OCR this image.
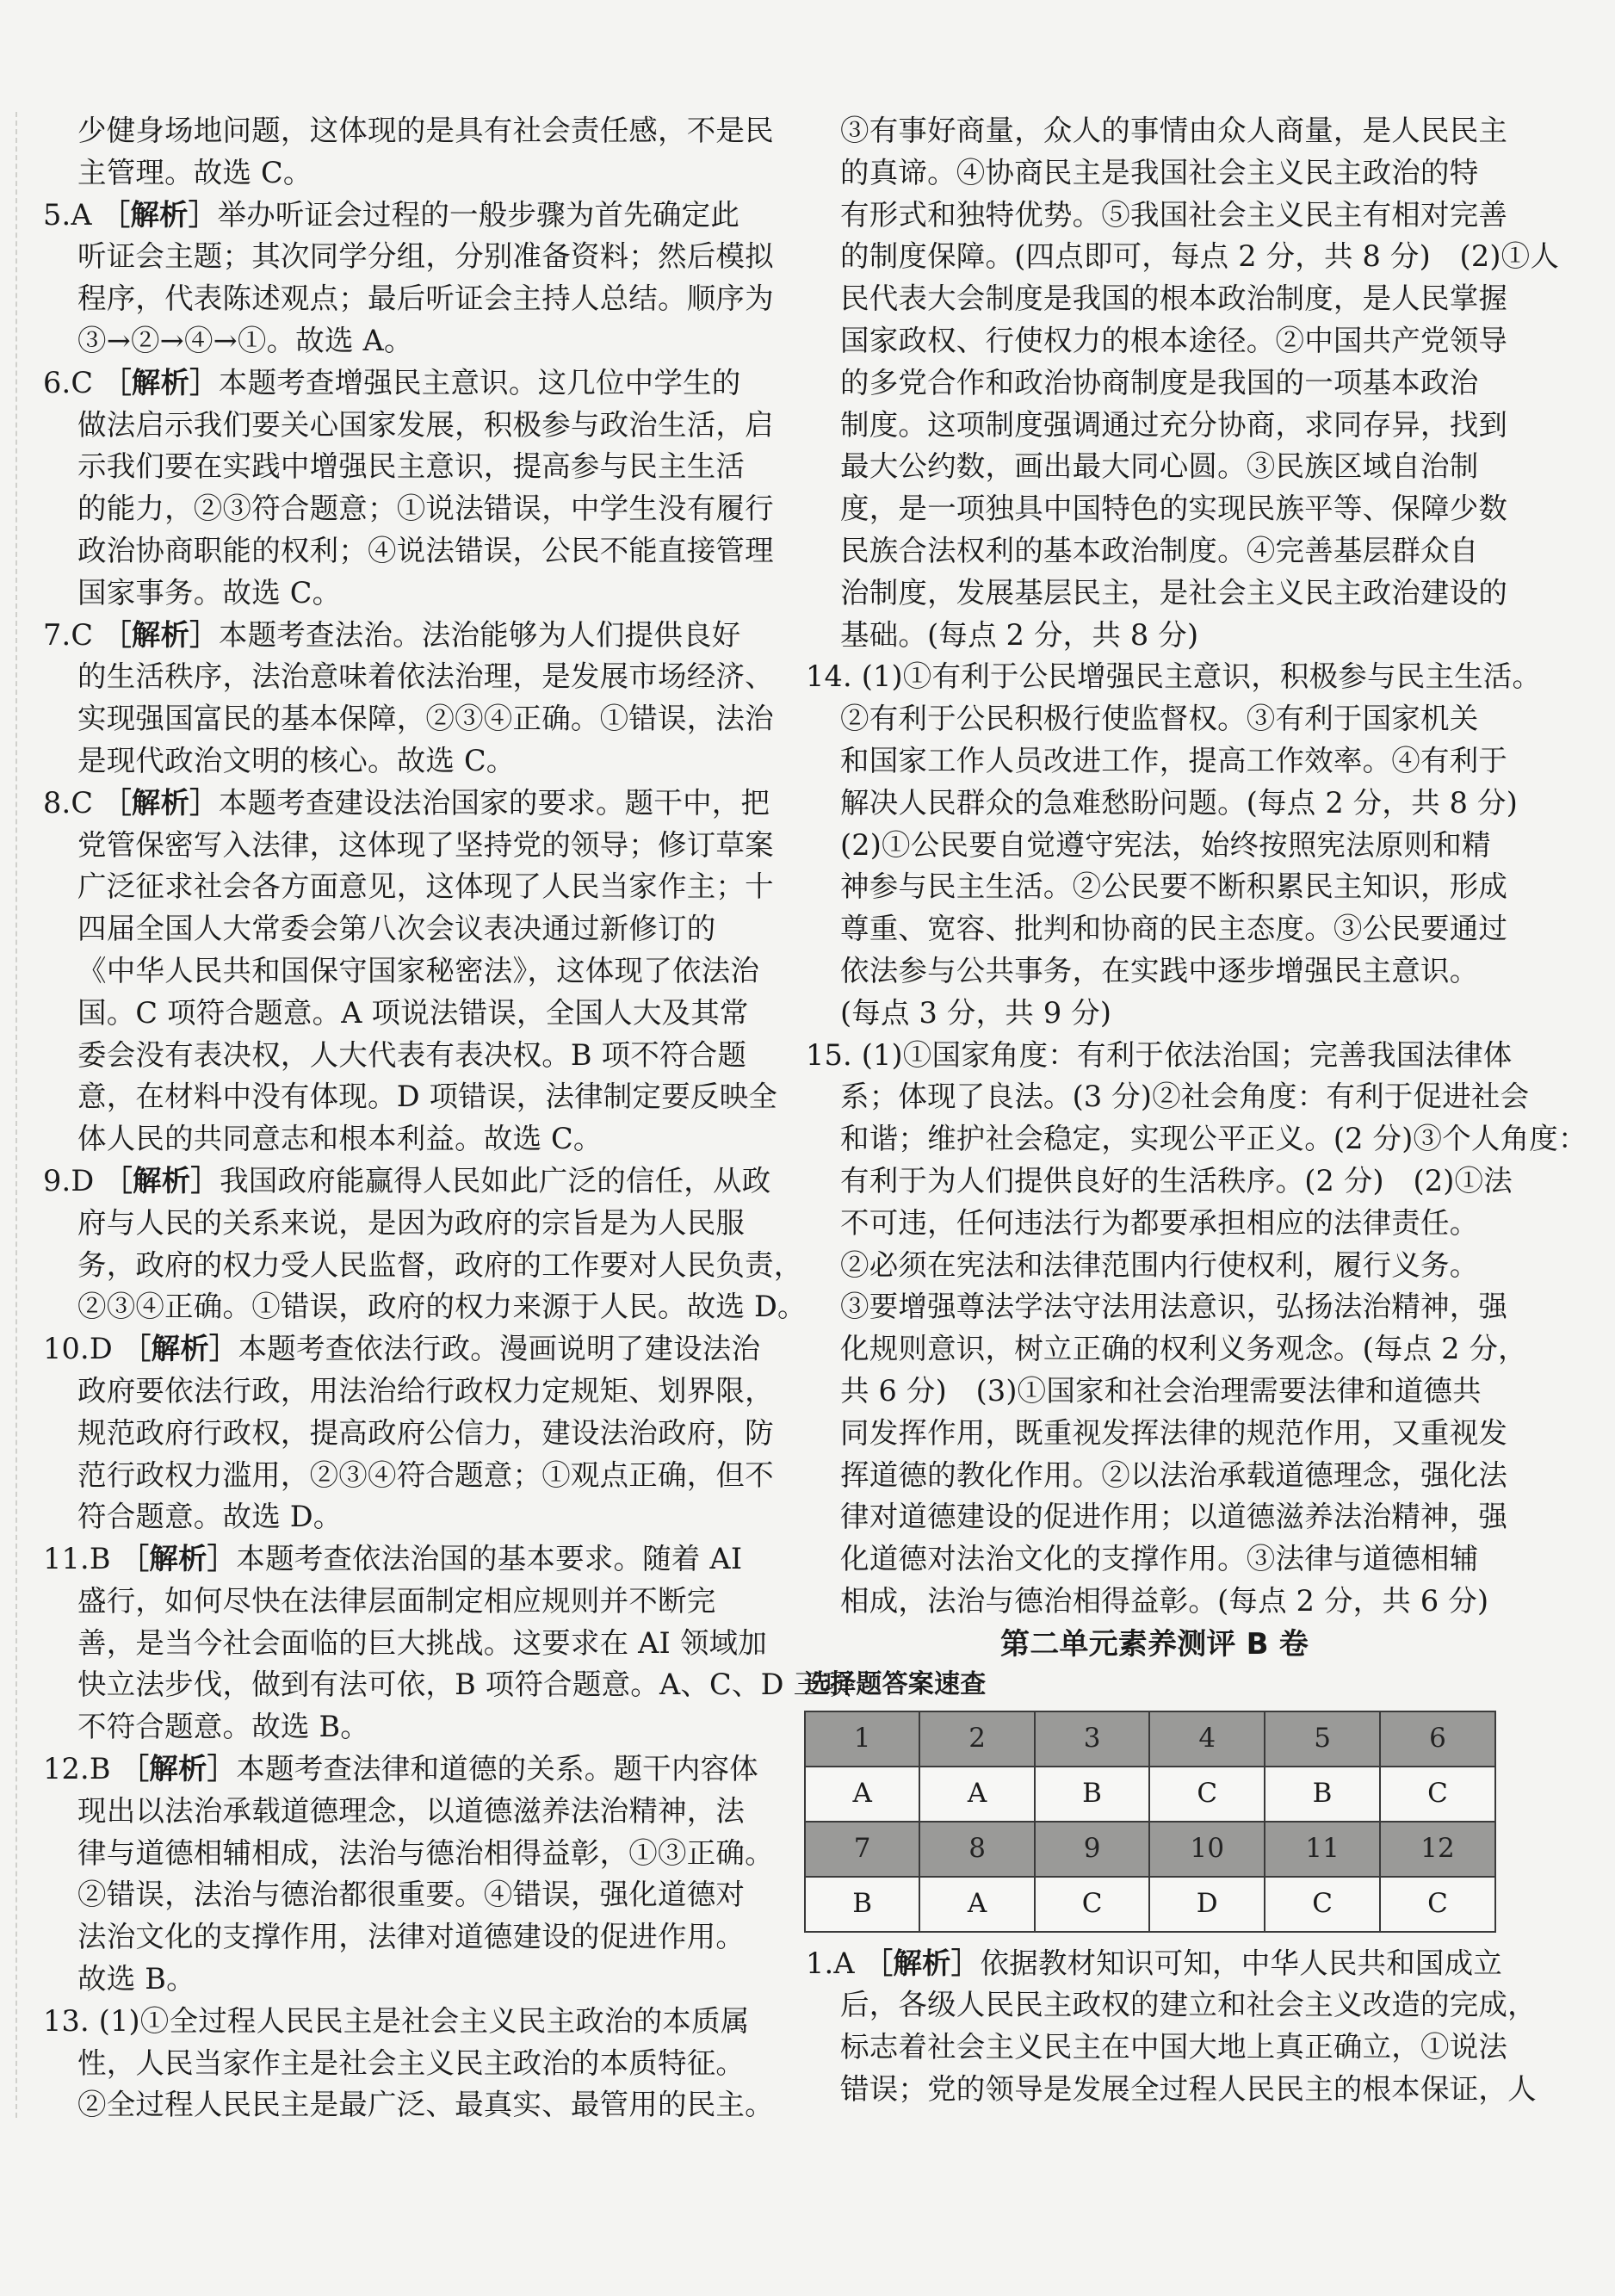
少健身场地问题，这体现的是具有社会责任感，不是民
主管理。故选 C。
5.A ［解析］举办听证会过程的一般步骤为首先确定此
听证会主题；其次同学分组，分别准备资料；然后模拟
程序，代表陈述观点；最后听证会主持人总结。顺序为
③→②→④→①。故选 A。
6.C ［解析］本题考查增强民主意识。这几位中学生的
做法启示我们要关心国家发展，积极参与政治生活，启
示我们要在实践中增强民主意识，提高参与民主生活
的能力，②③符合题意；①说法错误，中学生没有履行
政治协商职能的权利；④说法错误，公民不能直接管理
国家事务。故选 C。
7.C ［解析］本题考查法治。法治能够为人们提供良好
的生活秩序，法治意味着依法治理，是发展市场经济、
实现强国富民的基本保障，②③④正确。①错误，法治
是现代政治文明的核心。故选 C。
8.C ［解析］本题考查建设法治国家的要求。题干中，把
党管保密写入法律，这体现了坚持党的领导；修订草案
广泛征求社会各方面意见，这体现了人民当家作主；十
四届全国人大常委会第八次会议表决通过新修订的
《中华人民共和国保守国家秘密法》，这体现了依法治
国。C 项符合题意。A 项说法错误，全国人大及其常
委会没有表决权，人大代表有表决权。B 项不符合题
意，在材料中没有体现。D 项错误，法律制定要反映全
体人民的共同意志和根本利益。故选 C。
9.D ［解析］我国政府能赢得人民如此广泛的信任，从政
府与人民的关系来说，是因为政府的宗旨是为人民服
务，政府的权力受人民监督，政府的工作要对人民负责，
②③④正确。①错误，政府的权力来源于人民。故选 D。
10.D ［解析］本题考查依法行政。漫画说明了建设法治
政府要依法行政，用法治给行政权力定规矩、划界限，
规范政府行政权，提高政府公信力，建设法治政府，防
范行政权力滥用，②③④符合题意；①观点正确，但不
符合题意。故选 D。
11.B ［解析］本题考查依法治国的基本要求。随着 AI
盛行，如何尽快在法律层面制定相应规则并不断完
善，是当今社会面临的巨大挑战。这要求在 AI 领域加
快立法步伐，做到有法可依，B 项符合题意。A、C、D 三项
不符合题意。故选 B。
12.B ［解析］本题考查法律和道德的关系。题干内容体
现出以法治承载道德理念，以道德滋养法治精神，法
律与道德相辅相成，法治与德治相得益彰，①③正确。
②错误，法治与德治都很重要。④错误，强化道德对
法治文化的支撑作用，法律对道德建设的促进作用。
故选 B。
13. (1)①全过程人民民主是社会主义民主政治的本质属
性，人民当家作主是社会主义民主政治的本质特征。
②全过程人民民主是最广泛、最真实、最管用的民主。
③有事好商量，众人的事情由众人商量，是人民民主
的真谛。④协商民主是我国社会主义民主政治的特
有形式和独特优势。⑤我国社会主义民主有相对完善
的制度保障。(四点即可，每点 2 分，共 8 分)　(2)①人
民代表大会制度是我国的根本政治制度，是人民掌握
国家政权、行使权力的根本途径。②中国共产党领导
的多党合作和政治协商制度是我国的一项基本政治
制度。这项制度强调通过充分协商，求同存异，找到
最大公约数，画出最大同心圆。③民族区域自治制
度，是一项独具中国特色的实现民族平等、保障少数
民族合法权利的基本政治制度。④完善基层群众自
治制度，发展基层民主，是社会主义民主政治建设的
基础。(每点 2 分，共 8 分)
14. (1)①有利于公民增强民主意识，积极参与民主生活。
②有利于公民积极行使监督权。③有利于国家机关
和国家工作人员改进工作，提高工作效率。④有利于
解决人民群众的急难愁盼问题。(每点 2 分，共 8 分)
(2)①公民要自觉遵守宪法，始终按照宪法原则和精
神参与民主生活。②公民要不断积累民主知识，形成
尊重、宽容、批判和协商的民主态度。③公民要通过
依法参与公共事务，在实践中逐步增强民主意识。
(每点 3 分，共 9 分)
15. (1)①国家角度：有利于依法治国；完善我国法律体
系；体现了良法。(3 分)②社会角度：有利于促进社会
和谐；维护社会稳定，实现公平正义。(2 分)③个人角度：
有利于为人们提供良好的生活秩序。(2 分)　(2)①法
不可违，任何违法行为都要承担相应的法律责任。
②必须在宪法和法律范围内行使权利，履行义务。
③要增强尊法学法守法用法意识，弘扬法治精神，强
化规则意识，树立正确的权利义务观念。(每点 2 分，
共 6 分)　(3)①国家和社会治理需要法律和道德共
同发挥作用，既重视发挥法律的规范作用，又重视发
挥道德的教化作用。②以法治承载道德理念，强化法
律对道德建设的促进作用；以道德滋养法治精神，强
化道德对法治文化的支撑作用。③法律与道德相辅
相成，法治与德治相得益彰。(每点 2 分，共 6 分)
第二单元素养测评 B 卷
选择题答案速查
1	2	3	4	5	6
A	A	B	C	B	C
7	8	9	10	11	12
B	A	C	D	C	C
1.A ［解析］依据教材知识可知，中华人民共和国成立
后，各级人民民主政权的建立和社会主义改造的完成，
标志着社会主义民主在中国大地上真正确立，①说法
错误；党的领导是发展全过程人民民主的根本保证，人
